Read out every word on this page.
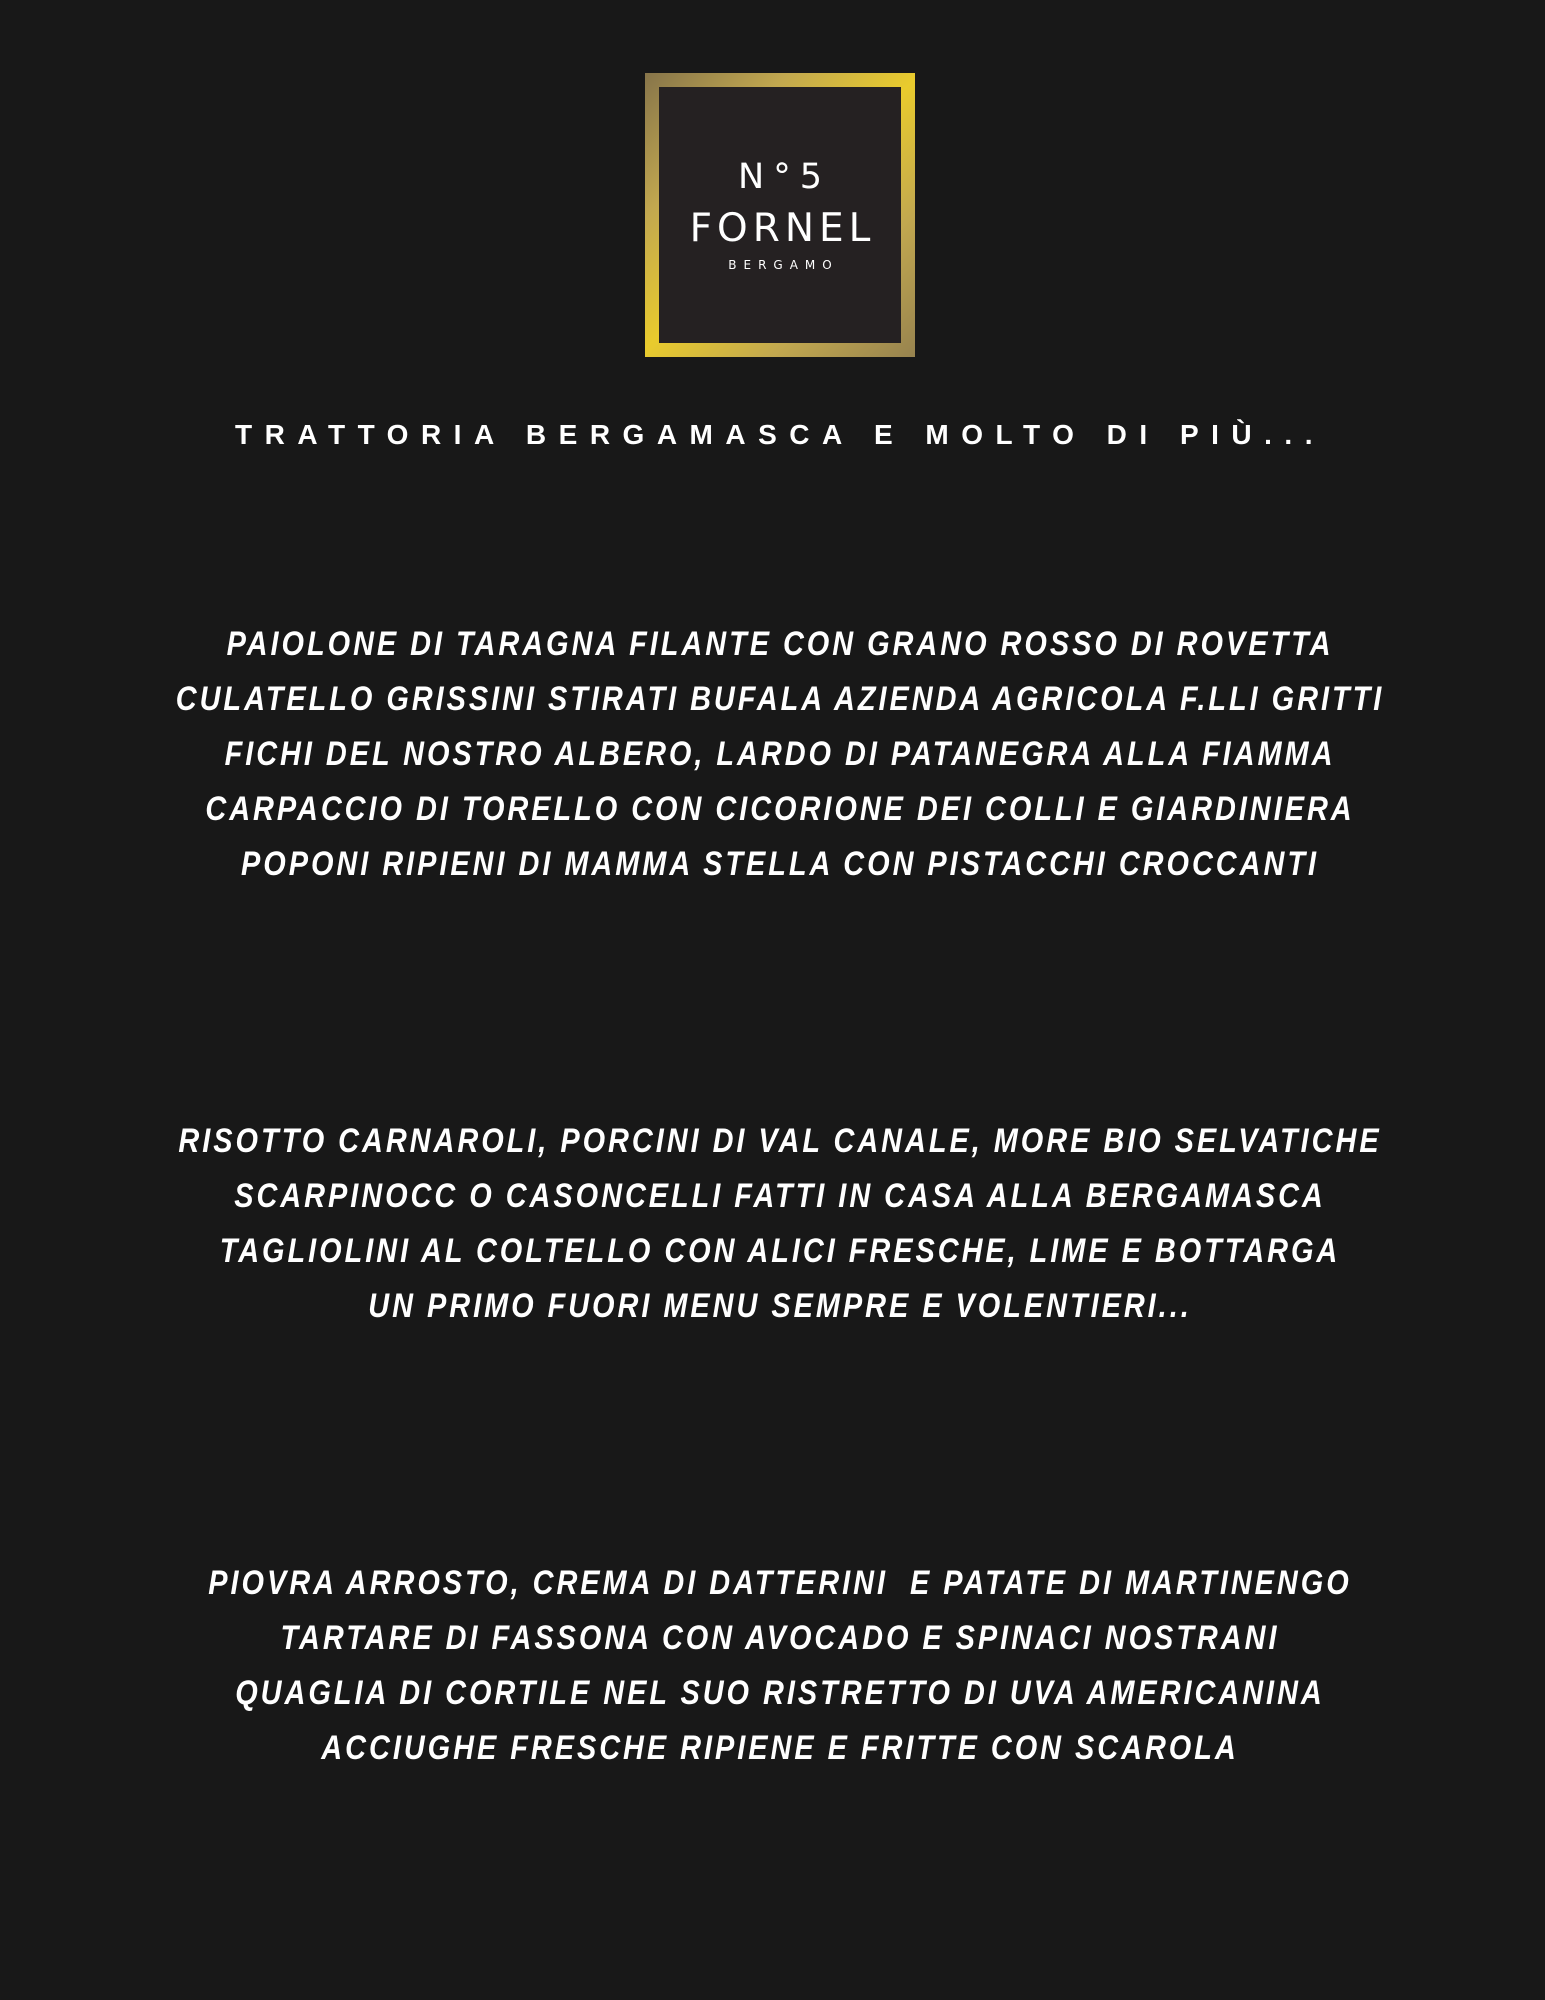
N°5
FORNEL
BERGAMO
TRATTORIA BERGAMASCA E MOLTO DI PIÙ...
PAIOLONE DI TARAGNA FILANTE CON GRANO ROSSO DI ROVETTA
CULATELLO GRISSINI STIRATI BUFALA AZIENDA AGRICOLA F.LLI GRITTI
FICHI DEL NOSTRO ALBERO, LARDO DI PATANEGRA ALLA FIAMMA
CARPACCIO DI TORELLO CON CICORIONE DEI COLLI E GIARDINIERA
POPONI RIPIENI DI MAMMA STELLA CON PISTACCHI CROCCANTI
RISOTTO CARNAROLI, PORCINI DI VAL CANALE, MORE BIO SELVATICHE
SCARPINOCC O CASONCELLI FATTI IN CASA ALLA BERGAMASCA
TAGLIOLINI AL COLTELLO CON ALICI FRESCHE, LIME E BOTTARGA
UN PRIMO FUORI MENU SEMPRE E VOLENTIERI...
PIOVRA ARROSTO, CREMA DI DATTERINI  E PATATE DI MARTINENGO
TARTARE DI FASSONA CON AVOCADO E SPINACI NOSTRANI
QUAGLIA DI CORTILE NEL SUO RISTRETTO DI UVA AMERICANINA
ACCIUGHE FRESCHE RIPIENE E FRITTE CON SCAROLA
